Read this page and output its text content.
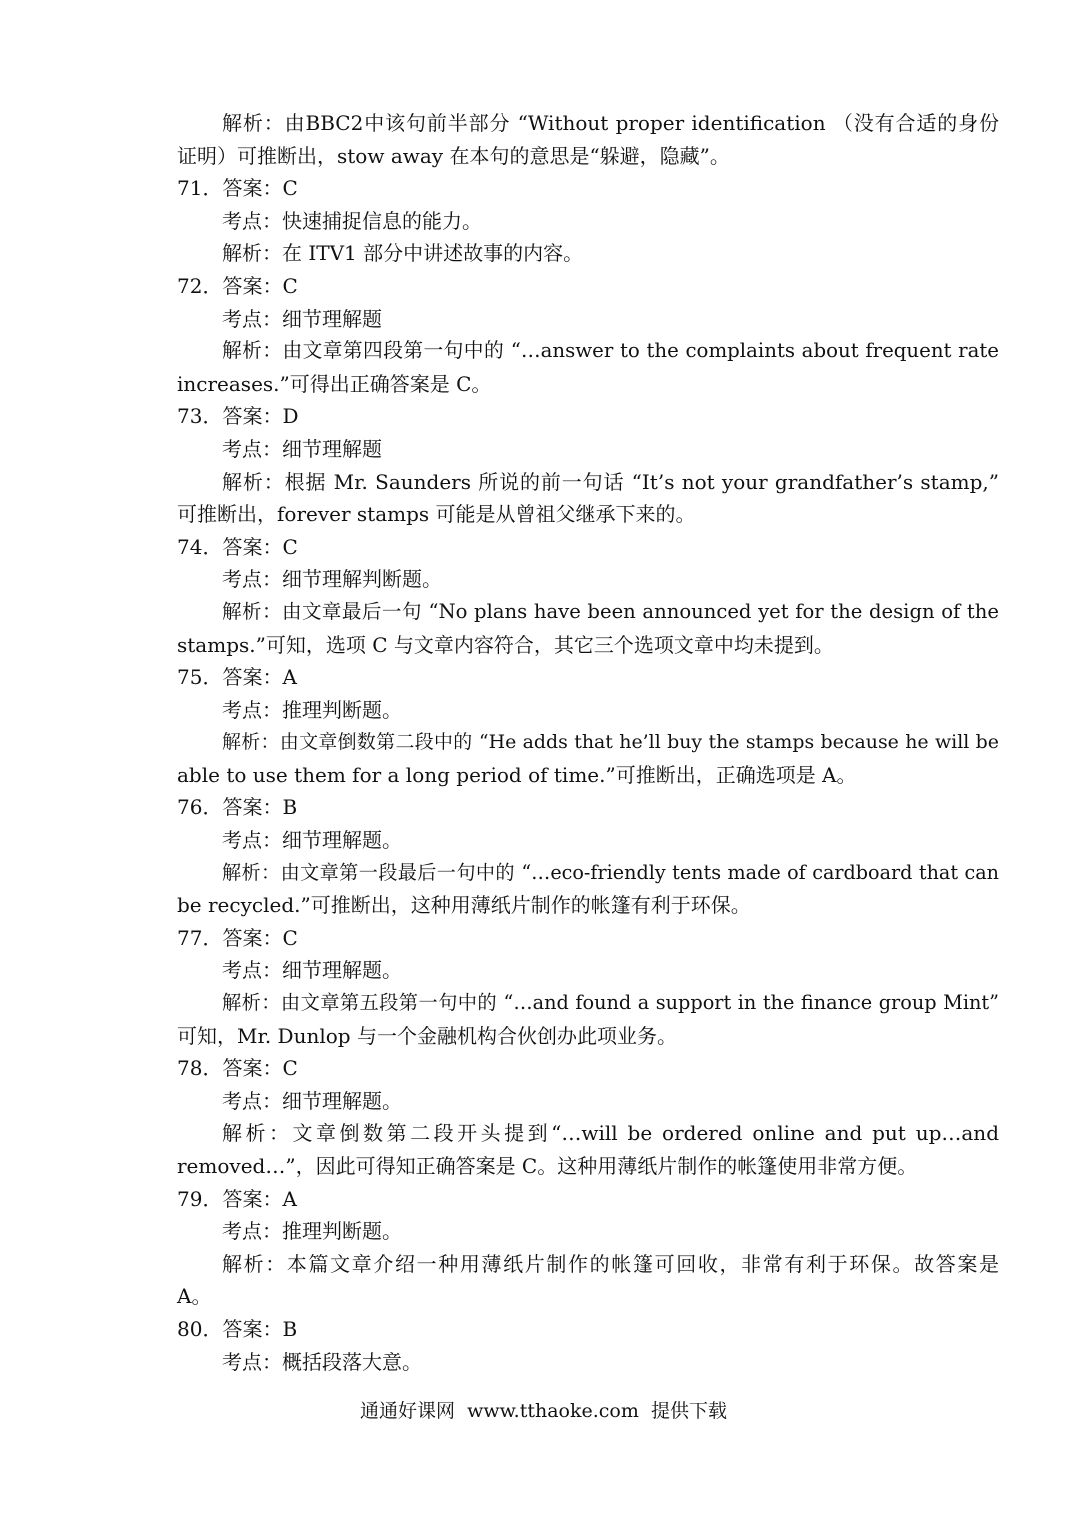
解析：由BBC2中该句前半部分 “Without proper identification （没有合适的身份
证明）可推断出，stow away 在本句的意思是“躲避，隐藏”。
71．答案：C
考点：快速捕捉信息的能力。
解析：在 ITV1 部分中讲述故事的内容。
72．答案：C
考点：细节理解题
解析：由文章第四段第一句中的 “…answer to the complaints about frequent rate
increases.”可得出正确答案是 C。
73．答案：D
考点：细节理解题
解析：根据 Mr. Saunders 所说的前一句话 “It’s not your grandfather’s stamp,”
可推断出，forever stamps 可能是从曾祖父继承下来的。
74．答案：C
考点：细节理解判断题。
解析：由文章最后一句 “No plans have been announced yet for the design of the
stamps.”可知，选项 C 与文章内容符合，其它三个选项文章中均未提到。
75．答案：A
考点：推理判断题。
解析：由文章倒数第二段中的 “He adds that he’ll buy the stamps because he will be
able to use them for a long period of time.”可推断出，正确选项是 A。
76．答案：B
考点：细节理解题。
解析：由文章第一段最后一句中的 “…eco-friendly tents made of cardboard that can
be recycled.”可推断出，这种用薄纸片制作的帐篷有利于环保。
77．答案：C
考点：细节理解题。
解析：由文章第五段第一句中的 “…and found a support in the finance group Mint”
可知，Mr. Dunlop 与一个金融机构合伙创办此项业务。
78．答案：C
考点：细节理解题。
解析：文章倒数第二段开头提到“…will be ordered online and put up…and
removed…”，因此可得知正确答案是 C。这种用薄纸片制作的帐篷使用非常方便。
79．答案：A
考点：推理判断题。
解析：本篇文章介绍一种用薄纸片制作的帐篷可回收，非常有利于环保。故答案是
A。
80．答案：B
考点：概括段落大意。
通通好课网  www.tthaoke.com  提供下载
